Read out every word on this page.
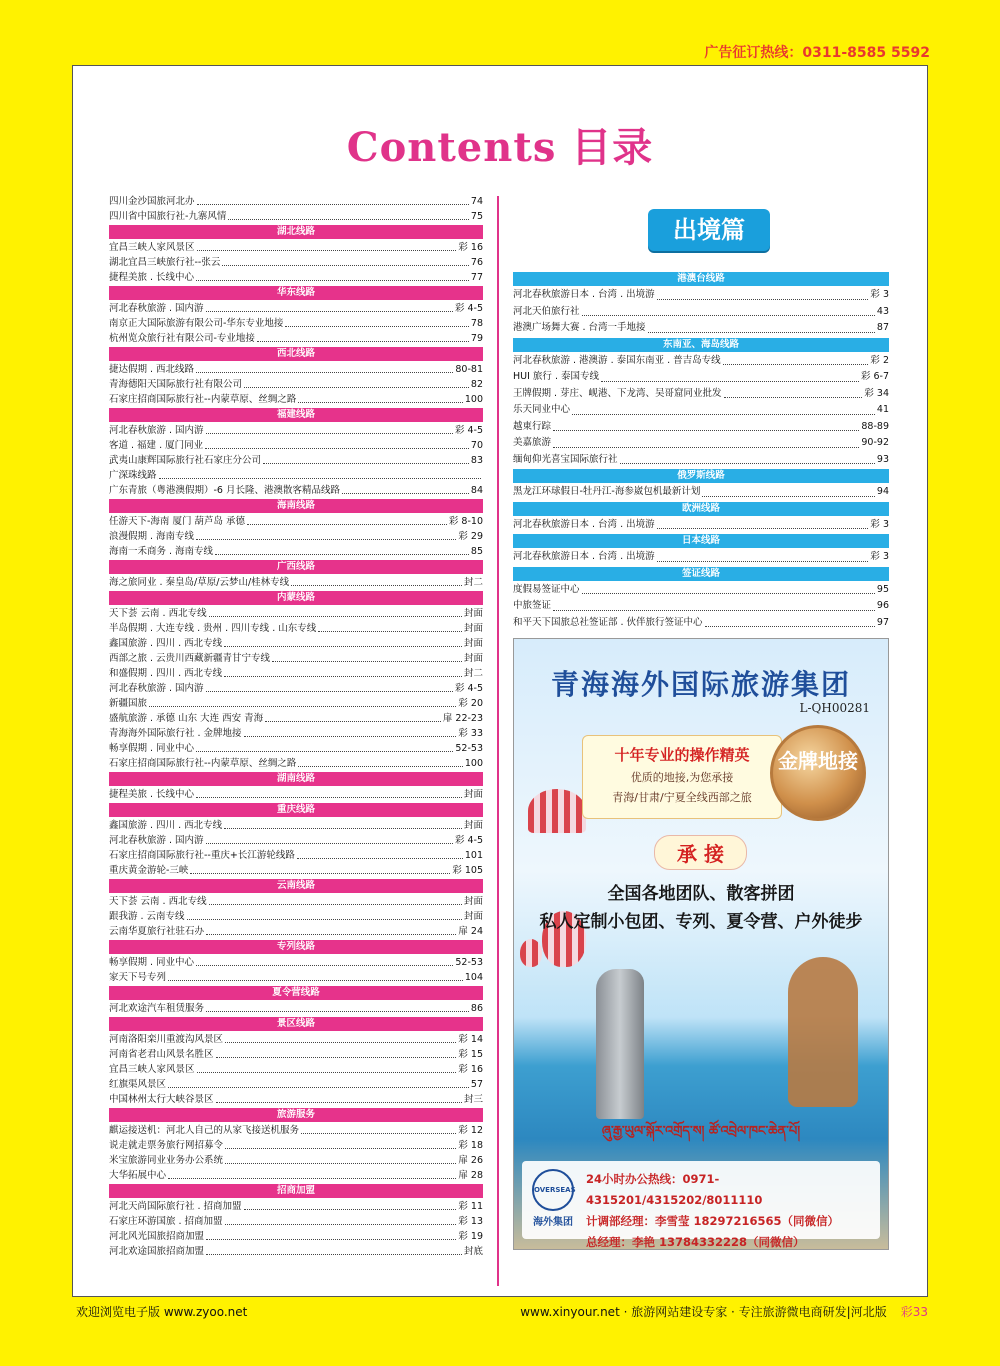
广告征订热线：0311-8585 5592
Contents 目录
四川金沙国旅河北办	74
四川省中国旅行社-九寨风情	75
湖北线路
宜昌三峡人家风景区	彩 16
湖北宜昌三峡旅行社--张云	76
捷程美旅 . 长线中心	77
华东线路
河北春秋旅游 . 国内游	彩 4-5
南京正大国际旅游有限公司-华东专业地接	78
杭州览众旅行社有限公司-专业地接	79
西北线路
捷达假期 . 西北线路	80-81
青海德阳天国际旅行社有限公司	82
石家庄招商国际旅行社--内蒙草原、丝绸之路	100
福建线路
河北春秋旅游 . 国内游	彩 4-5
客道 . 福建 . 厦门同业	70
武夷山康辉国际旅行社石家庄分公司	83
广深珠线路
广东青旅（粤港澳假期）-6 月长隆、港澳散客精品线路	84
海南线路
任游天下-海南 厦门 葫芦岛 承德	彩 8-10
浪漫假期 . 海南专线	彩 29
海南一禾商务 . 海南专线	85
广西线路
海之旅同业 . 秦皇岛/草原/云梦山/桂林专线	封二
内蒙线路
天下荟 云南 . 西北专线	封面
半岛假期 . 大连专线 . 贵州 . 四川专线 . 山东专线	封面
鑫国旅游 . 四川 . 西北专线	封面
西部之旅 . 云贵川西藏新疆青甘宁专线	封面
和盛假期 . 四川 . 西北专线	封二
河北春秋旅游 . 国内游	彩 4-5
新疆国旅	彩 20
盛航旅游 . 承德 山东 大连 西安 青海	扉 22-23
青海海外国际旅行社 . 金牌地接	彩 33
畅享假期 . 同业中心	52-53
石家庄招商国际旅行社--内蒙草原、丝绸之路	100
湖南线路
捷程美旅 . 长线中心	封面
重庆线路
鑫国旅游 . 四川 . 西北专线	封面
河北春秋旅游 . 国内游	彩 4-5
石家庄招商国际旅行社--重庆+长江游轮线路	101
重庆黄金游轮-三峡	彩 105
云南线路
天下荟 云南 . 西北专线	封面
跟我游 . 云南专线	封面
云南华夏旅行社驻石办	扉 24
专列线路
畅享假期 . 同业中心	52-53
家天下号专列	104
夏令营线路
河北欢途汽车租赁服务	86
景区线路
河南洛阳栾川重渡沟风景区	彩 14
河南省老君山风景名胜区	彩 15
宜昌三峡人家风景区	彩 16
红旗渠风景区	57
中国林州太行大峡谷景区	封三
旅游服务
麒运接送机：河北人自己的从家飞接送机服务	彩 12
说走就走票务旅行网招募令	彩 18
米宝旅游同业业务办公系统	扉 26
大华拓展中心	扉 28
招商加盟
河北天尚国际旅行社 . 招商加盟	彩 11
石家庄环游国旅 . 招商加盟	彩 13
河北风光国旅招商加盟	彩 19
河北欢途国旅招商加盟	封底
出境篇
港澳台线路
河北春秋旅游日本 . 台湾 . 出境游	彩 3
河北天伯旅行社	43
港澳广场舞大赛 . 台湾一手地接	87
东南亚、海岛线路
河北春秋旅游 . 港澳游 . 泰国东南亚 . 普吉岛专线	彩 2
HUI 旅行 . 泰国专线	彩 6-7
王牌假期 . 芽庄、岘港、下龙湾、吴哥窟同业批发	彩 34
乐天同业中心	41
越東行踪	88-89
美嘉旅游	90-92
缅甸仰光喜宝国际旅行社	93
俄罗斯线路
黑龙江环球假日-牡丹江-海参崴包机最新计划	94
欧洲线路
河北春秋旅游日本 . 台湾 . 出境游	彩 3
日本线路
河北春秋旅游日本 . 台湾 . 出境游	彩 3
签证线路
度假易签证中心	95
中旅签证	96
和平天下国旅总社签证部 . 伙伴旅行签证中心	97
青海海外国际旅游集团
L-QH00281
十年专业的操作精英
优质的地接,为您承接
青海/甘肃/宁夏全线西部之旅
金牌地接
承 接
全国各地团队、散客拼团
私人定制小包团、专列、夏令营、户外徒步
ཞུ་རྒྱ་ཡུལ་སྐོར་འགྲོད་ས། ཚོ་འབྲེལ་ཁང་ཆེན་པོ།
OVERSEAS
海外集团
24小时办公热线：0971-4315201/4315202/8011110
计调部经理：李雪莹 18297216565（同微信）
总经理：李艳 13784332228（同微信）
欢迎浏览电子版 www.zyoo.net	www.xinyour.net · 旅游网站建设专家 · 专注旅游微电商研发|河北版 彩33
